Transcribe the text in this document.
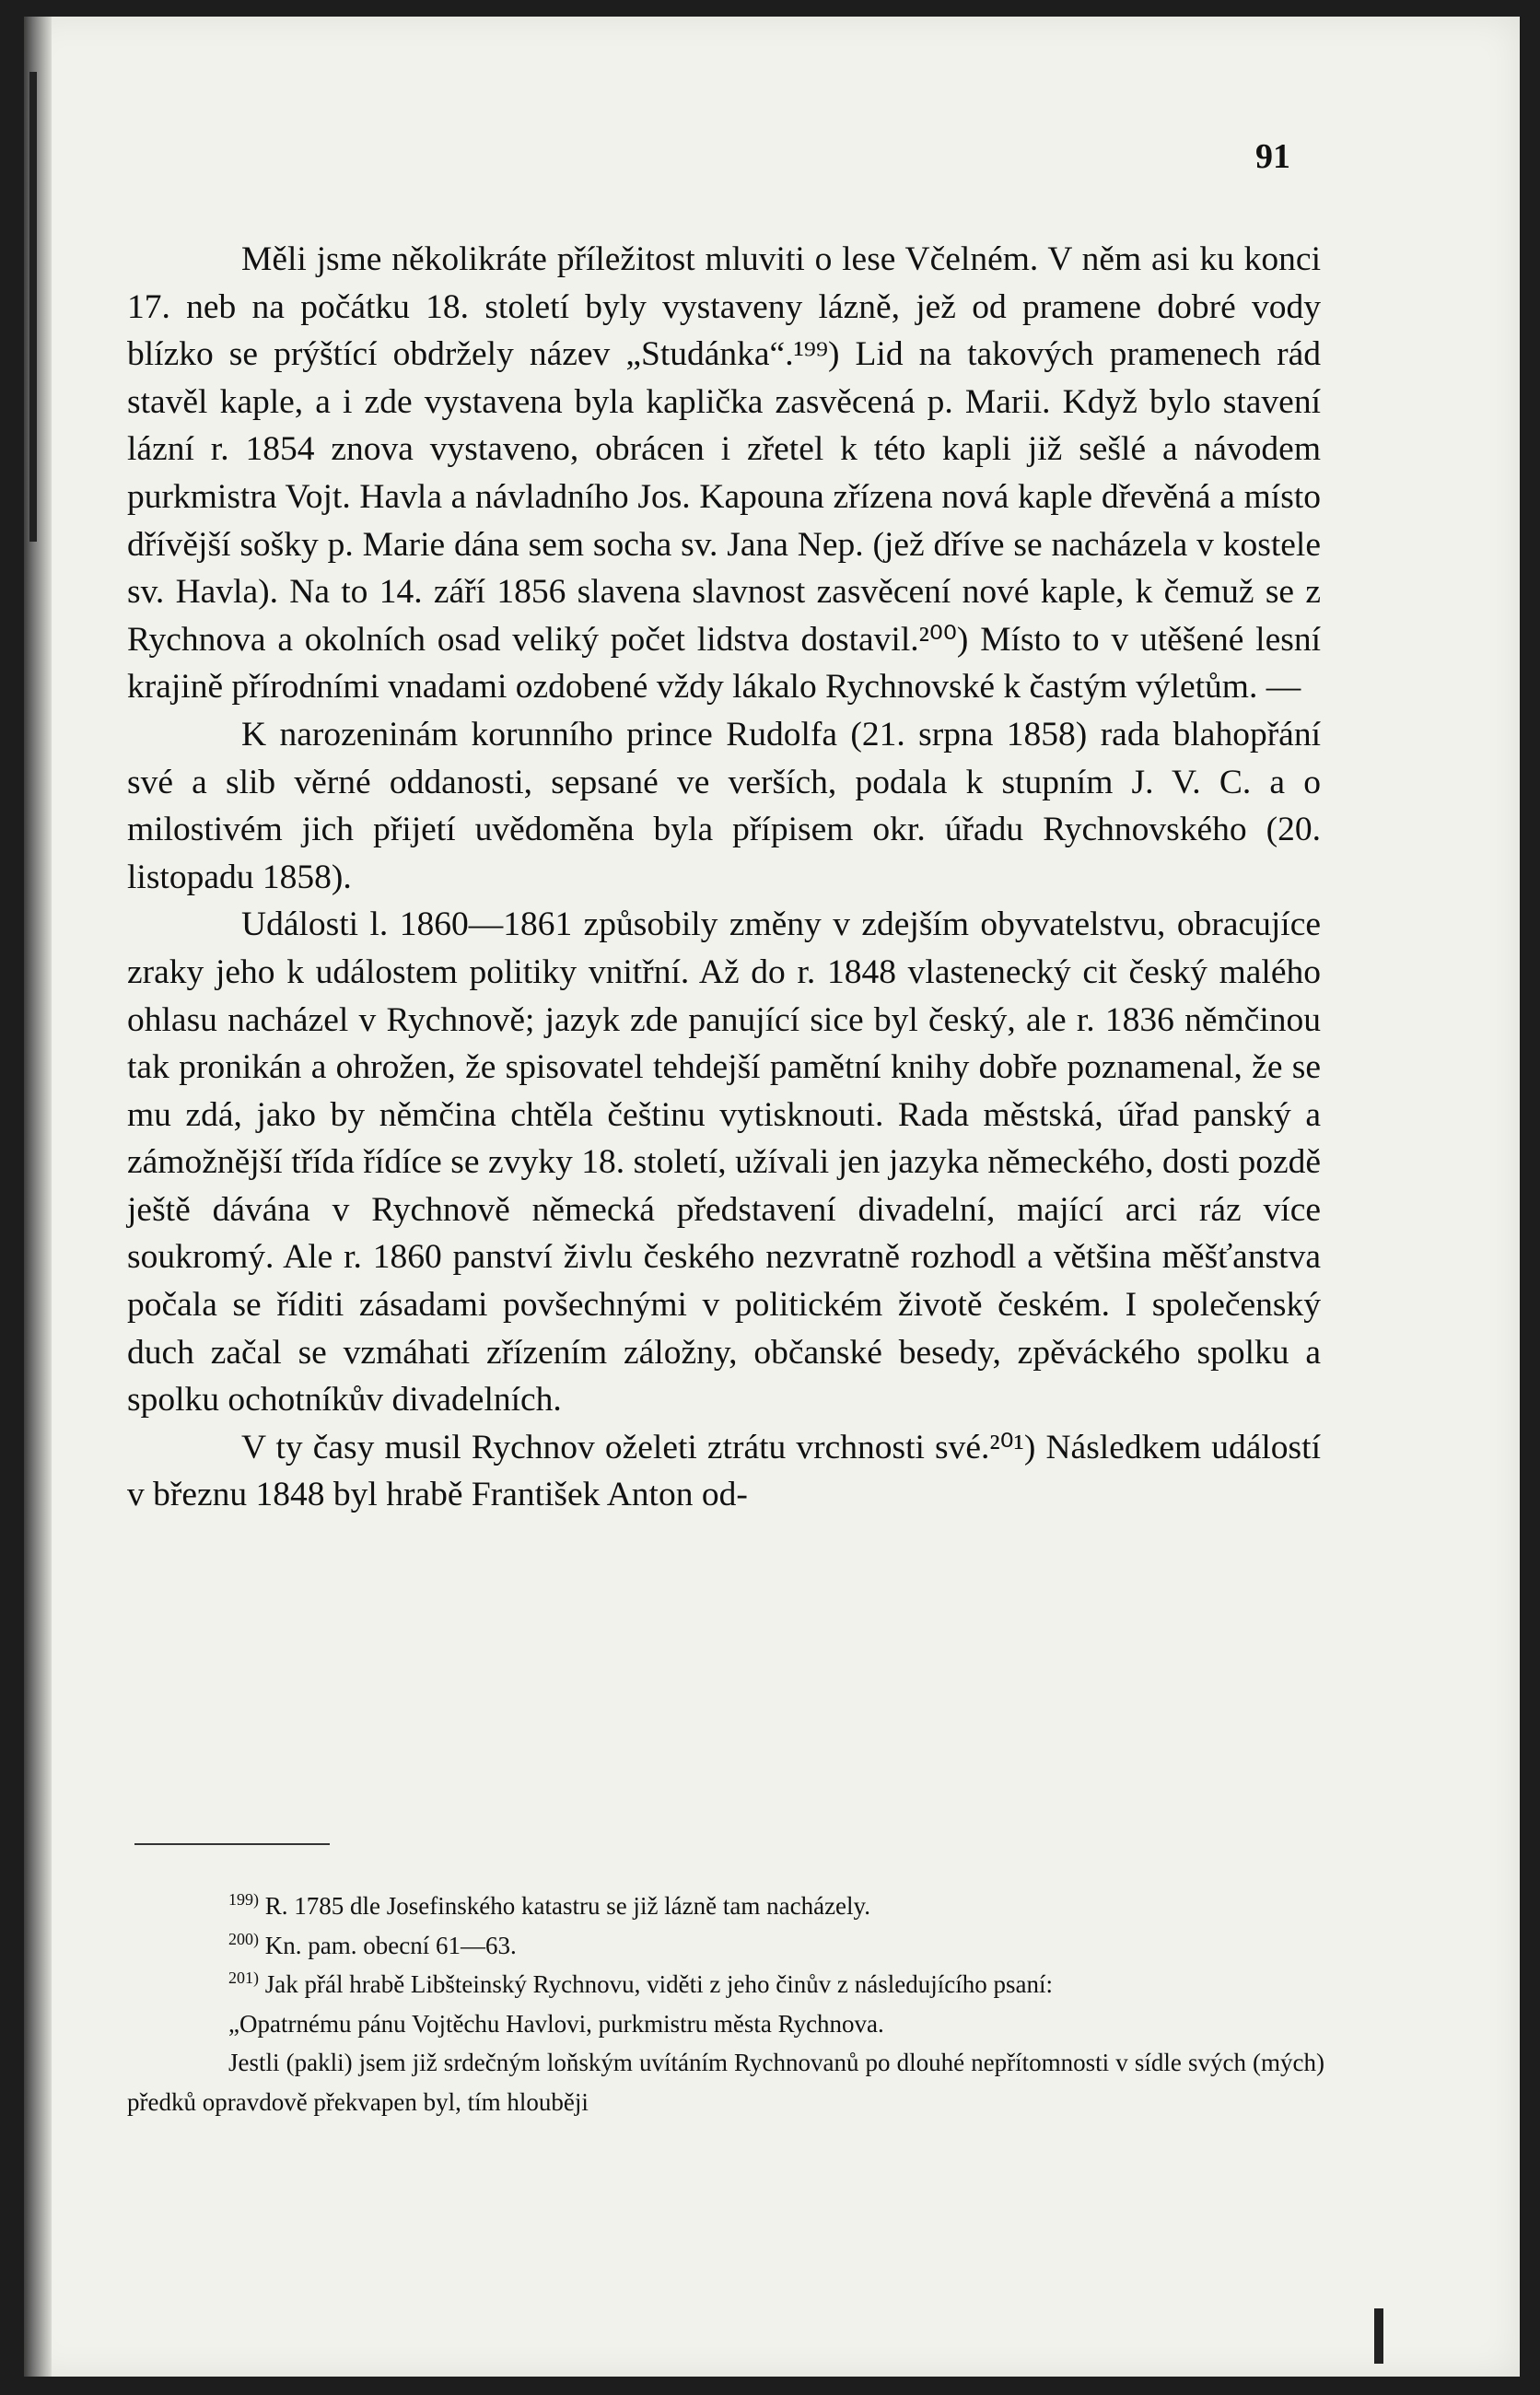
91

Měli jsme několikráte příležitost mluviti o lese Včelném. V něm asi ku konci 17. neb na počátku 18. století byly vystaveny lázně, jež od pramene dobré vody blízko se prýštící obdržely název „Studánka“.¹⁹⁹) Lid na takových pramenech rád stavěl kaple, a i zde vystavena byla kaplička zasvěcená p. Marii. Když bylo stavení lázní r. 1854 znova vystaveno, obrácen i zřetel k této kapli již sešlé a návodem purkmistra Vojt. Havla a návladního Jos. Kapouna zřízena nová kaple dřevěná a místo dřívější sošky p. Marie dána sem socha sv. Jana Nep. (jež dříve se nacházela v kostele sv. Havla). Na to 14. září 1856 slavena slavnost zasvěcení nové kaple, k čemuž se z Rychnova a okolních osad veliký počet lidstva dostavil.²⁰⁰) Místo to v utěšené lesní krajině přírodními vnadami ozdobené vždy lákalo Rychnovské k častým výletům. —

K narozeninám korunního prince Rudolfa (21. srpna 1858) rada blahopřání své a slib věrné oddanosti, sepsané ve verších, podala k stupním J. V. C. a o milostivém jich přijetí uvědoměna byla přípisem okr. úřadu Rychnovského (20. listopadu 1858).

Události l. 1860—1861 způsobily změny v zdejším obyvatelstvu, obracujíce zraky jeho k událostem politiky vnitřní. Až do r. 1848 vlastenecký cit český malého ohlasu nacházel v Rychnově; jazyk zde panující sice byl český, ale r. 1836 němčinou tak pronikán a ohrožen, že spisovatel tehdejší pamětní knihy dobře poznamenal, že se mu zdá, jako by němčina chtěla češtinu vytisknouti. Rada městská, úřad panský a zámožnější třída řídíce se zvyky 18. století, užívali jen jazyka německého, dosti pozdě ještě dávána v Rychnově německá představení divadelní, mající arci ráz více soukromý. Ale r. 1860 panství živlu českého nezvratně rozhodl a většina měšťanstva počala se říditi zásadami povšechnými v politickém životě českém. I společenský duch začal se vzmáhati zřízením záložny, občanské besedy, zpěváckého spolku a spolku ochotníkův divadelních.

V ty časy musil Rychnov oželeti ztrátu vrchnosti své.²⁰¹) Následkem událostí v březnu 1848 byl hrabě František Anton od-

$^{199)}$ R. 1785 dle Josefinského katastru se již lázně tam nacházely.

$^{200)}$ Kn. pam. obecní 61—63.

$^{201)}$ Jak přál hrabě Libšteinský Rychnovu, viděti z jeho činův z následujícího psaní:

„Opatrnému pánu Vojtěchu Havlovi, purkmistru města Rychnova.

Jestli (pakli) jsem již srdečným loňským uvítáním Rychnovanů po dlouhé nepřítomnosti v sídle svých (mých) předků opravdově překvapen byl, tím hlouběji
